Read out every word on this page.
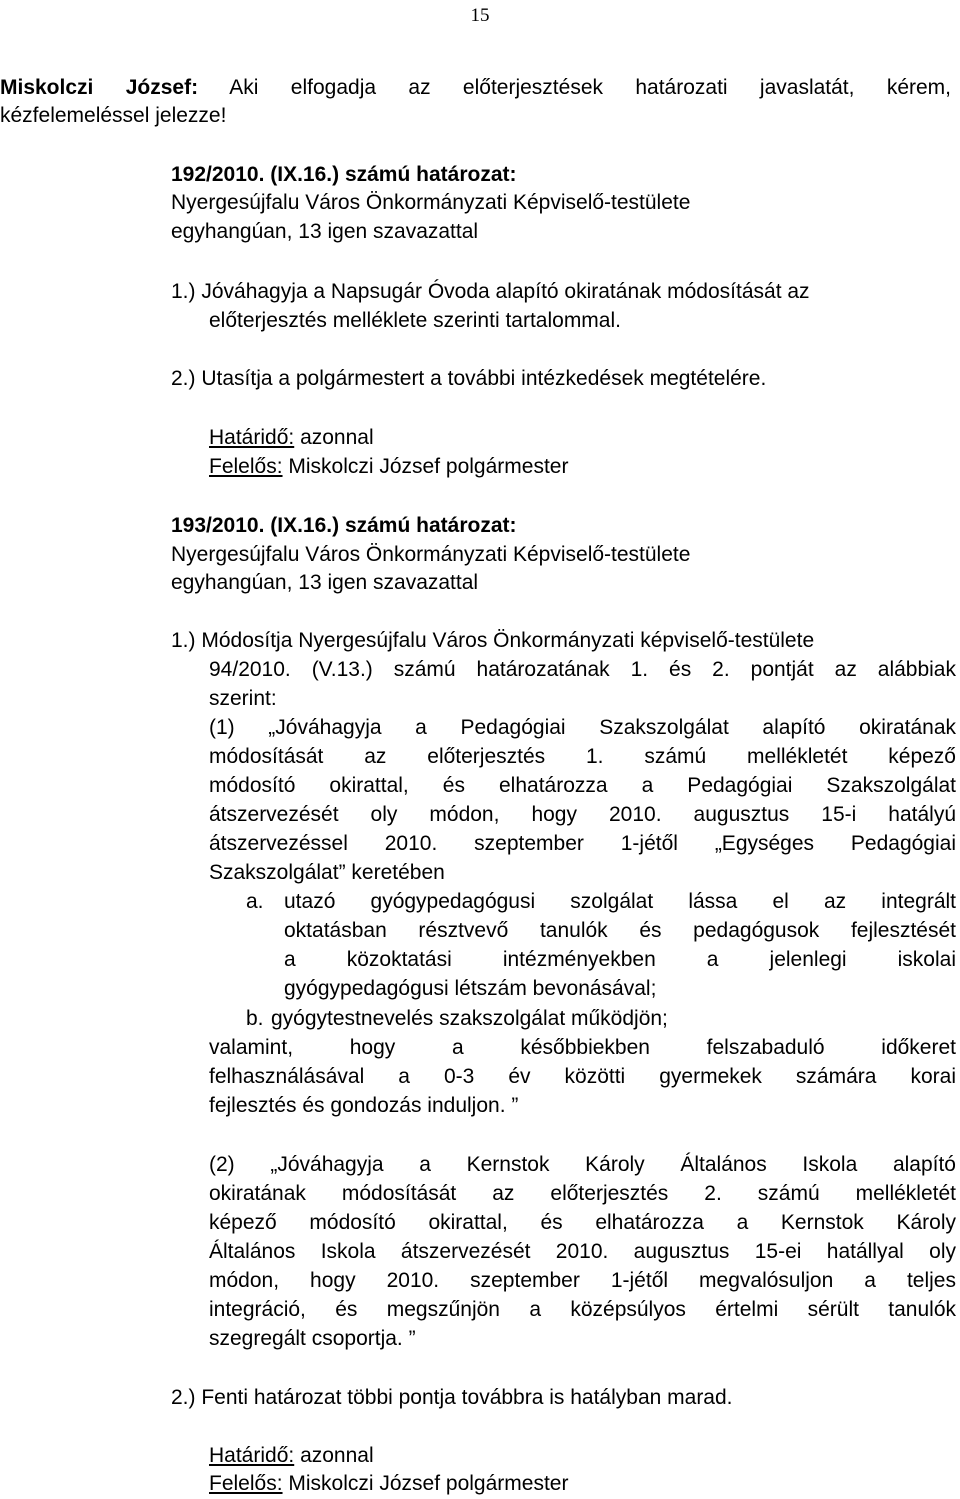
15
Miskolczi József: Aki elfogadja az előterjesztések határozati javaslatát, kérem,
kézfelemeléssel jelezze!
192/2010. (IX.16.) számú határozat:
Nyergesújfalu Város Önkormányzati Képviselő-testülete
egyhangúan, 13 igen szavazattal
1.) Jóváhagyja a Napsugár Óvoda alapító okiratának módosítását az
előterjesztés melléklete szerinti tartalommal.
2.) Utasítja a polgármestert a további intézkedések megtételére.
Határidő: azonnal
Felelős: Miskolczi József polgármester
193/2010. (IX.16.) számú határozat:
Nyergesújfalu Város Önkormányzati Képviselő-testülete
egyhangúan, 13 igen szavazattal
1.) Módosítja Nyergesújfalu Város Önkormányzati képviselő-testülete
94/2010. (V.13.) számú határozatának 1. és 2. pontját az alábbiak
szerint:
(1) „Jóváhagyja a Pedagógiai Szakszolgálat alapító okiratának
módosítását az előterjesztés 1. számú mellékletét képező
módosító okirattal, és elhatározza a Pedagógiai Szakszolgálat
átszervezését oly módon, hogy 2010. augusztus 15-i hatályú
átszervezéssel 2010. szeptember 1-jétől „Egységes Pedagógiai
Szakszolgálat” keretében
a. utazó gyógypedagógusi szolgálat lássa el az integrált
oktatásban résztvevő tanulók és pedagógusok fejlesztését
a közoktatási intézményekben a jelenlegi iskolai
gyógypedagógusi létszám bevonásával;
b. gyógytestnevelés szakszolgálat működjön;
valamint, hogy a későbbiekben felszabaduló időkeret
felhasználásával a 0-3 év közötti gyermekek számára korai
fejlesztés és gondozás induljon. ”
(2) „Jóváhagyja a Kernstok Károly Általános Iskola alapító
okiratának módosítását az előterjesztés 2. számú mellékletét
képező módosító okirattal, és elhatározza a Kernstok Károly
Általános Iskola átszervezését 2010. augusztus 15-ei hatállyal oly
módon, hogy 2010. szeptember 1-jétől megvalósuljon a teljes
integráció, és megszűnjön a középsúlyos értelmi sérült tanulók
szegregált csoportja. ”
2.) Fenti határozat többi pontja továbbra is hatályban marad.
Határidő: azonnal
Felelős: Miskolczi József polgármester
